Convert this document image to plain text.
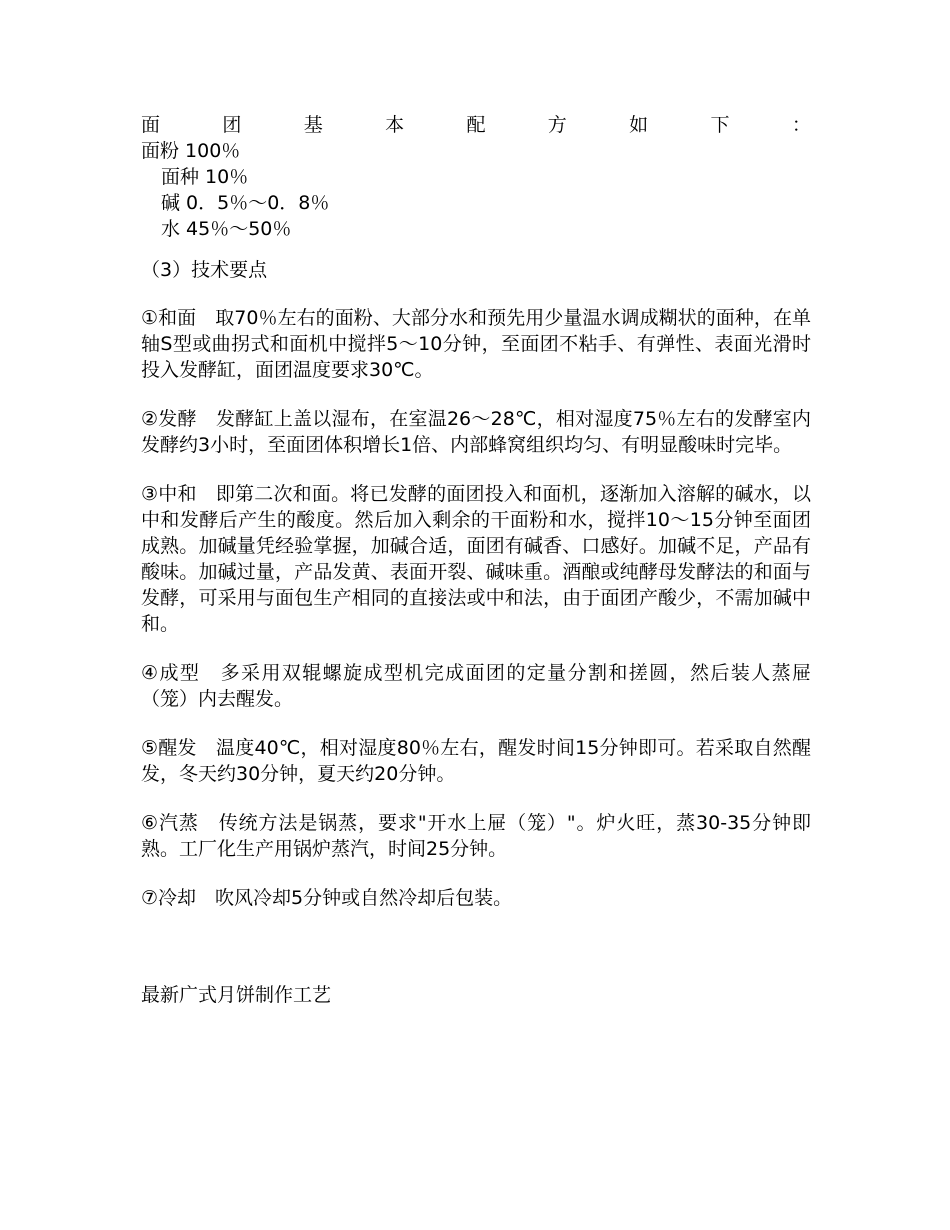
面	团	基	本	配	方	如	下	：
面粉 100％
面种 10％
碱 0．5％～0．8％
水 45％～50％
（3）技术要点

①和面　取70％左右的面粉、大部分水和预先用少量温水调成糊状的面种，在单轴S型或曲拐式和面机中搅拌5～10分钟，至面团不粘手、有弹性、表面光滑时投入发酵缸，面团温度要求30℃。

②发酵　发酵缸上盖以湿布，在室温26～28℃，相对湿度75％左右的发酵室内发酵约3小时，至面团体积增长1倍、内部蜂窝组织均匀、有明显酸味时完毕。

③中和　即第二次和面。将已发酵的面团投入和面机，逐渐加入溶解的碱水，以中和发酵后产生的酸度。然后加入剩余的干面粉和水，搅拌10～15分钟至面团成熟。加碱量凭经验掌握，加碱合适，面团有碱香、口感好。加碱不足，产品有酸味。加碱过量，产品发黄、表面开裂、碱味重。酒酿或纯酵母发酵法的和面与发酵，可采用与面包生产相同的直接法或中和法，由于面团产酸少，不需加碱中和。

④成型　多采用双辊螺旋成型机完成面团的定量分割和搓圆，然后装人蒸屉（笼）内去醒发。

⑤醒发　温度40℃，相对湿度80％左右，醒发时间15分钟即可。若采取自然醒发，冬天约30分钟，夏天约20分钟。

⑥汽蒸　传统方法是锅蒸，要求"开水上屉（笼）"。炉火旺，蒸30-35分钟即熟。工厂化生产用锅炉蒸汽，时间25分钟。

⑦冷却　吹风冷却5分钟或自然冷却后包装。

最新广式月饼制作工艺
